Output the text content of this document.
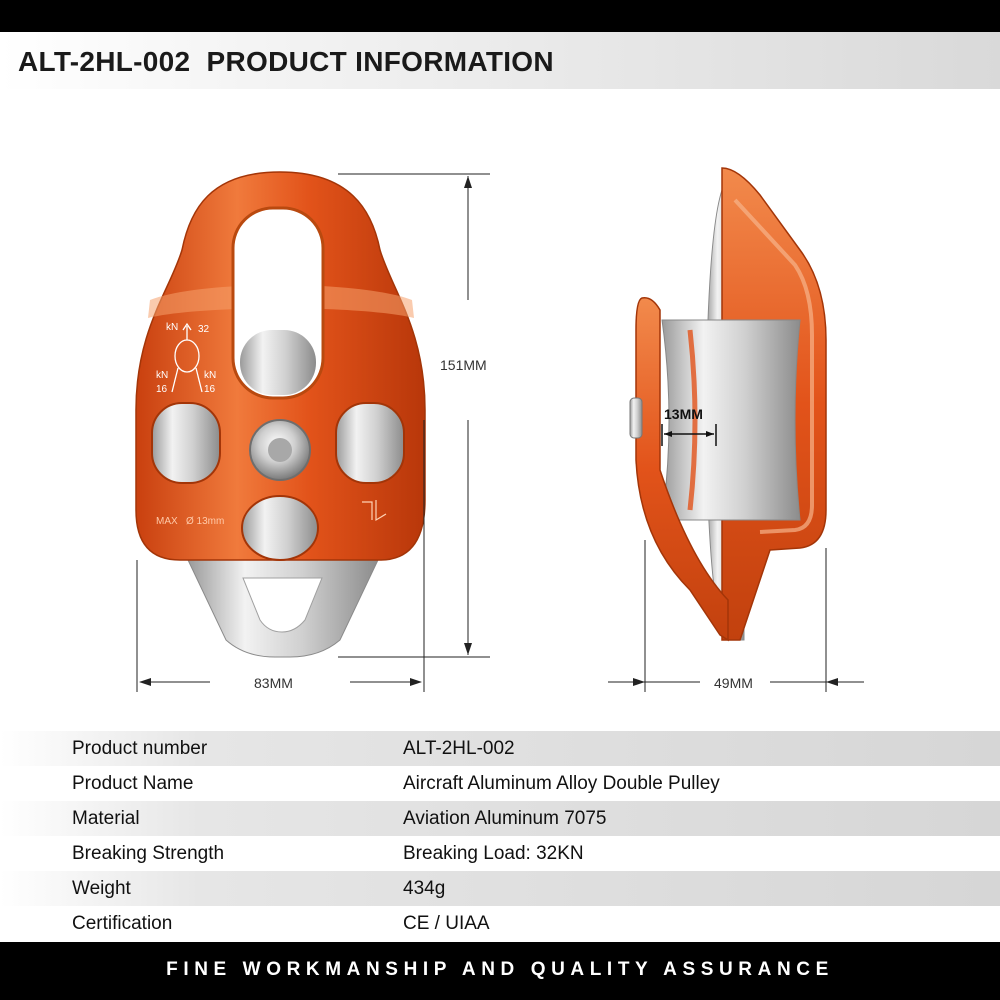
ALT-2HL-002  PRODUCT INFORMATION
kN 32
kN
16
kN
16
MAX Ø 13mm
13MM
151MM
83MM	49MM
Product number	ALT-2HL-002
Product Name	Aircraft Aluminum Alloy Double Pulley
Material	Aviation Aluminum 7075
Breaking Strength	Breaking Load: 32KN
Weight	434g
Certification	CE / UIAA
FINE WORKMANSHIP AND QUALITY ASSURANCE
